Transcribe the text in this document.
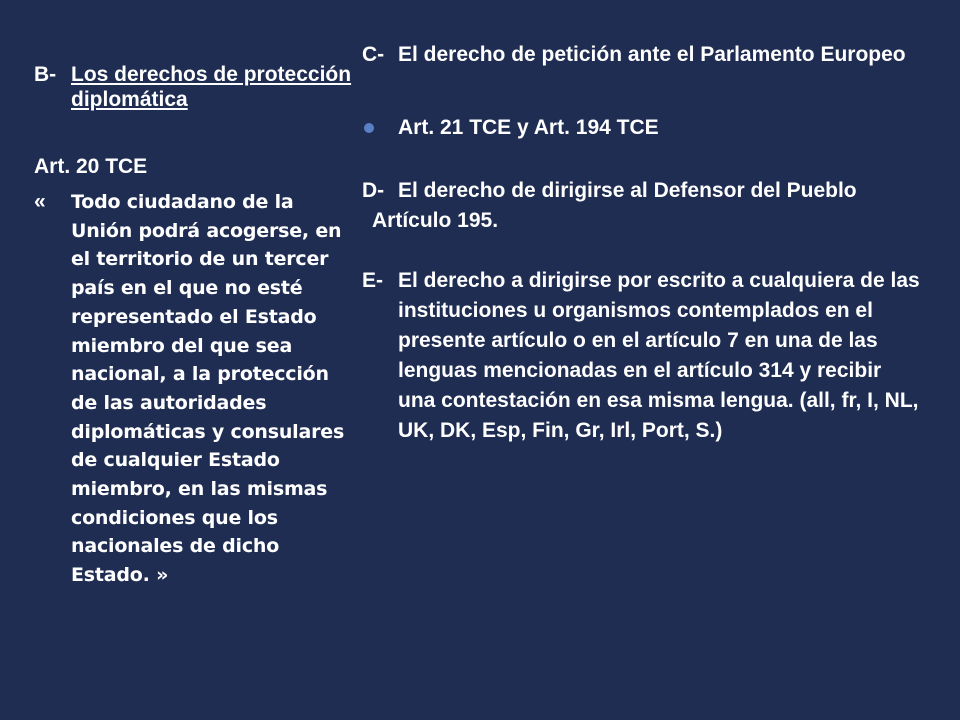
B- Los derechos de protección diplomática
Art. 20 TCE
«	Todo ciudadano de la Unión podrá acogerse, en el territorio de un tercer país en el que no esté representado el Estado miembro del que sea nacional, a la protección de las autoridades diplomáticas y consulares de cualquier Estado miembro, en las mismas condiciones que los nacionales de dicho Estado. »
C- El derecho de petición ante el Parlamento Europeo
Art. 21 TCE y Art. 194 TCE
D- El derecho de dirigirse al Defensor del Pueblo
Artículo 195.
E- El derecho a dirigirse por escrito a cualquiera de las instituciones u organismos contemplados en el presente artículo o en el artículo 7 en una de las lenguas mencionadas en el artículo 314 y recibir una contestación en esa misma lengua. (all, fr, I, NL, UK, DK, Esp, Fin, Gr, Irl, Port, S.)
